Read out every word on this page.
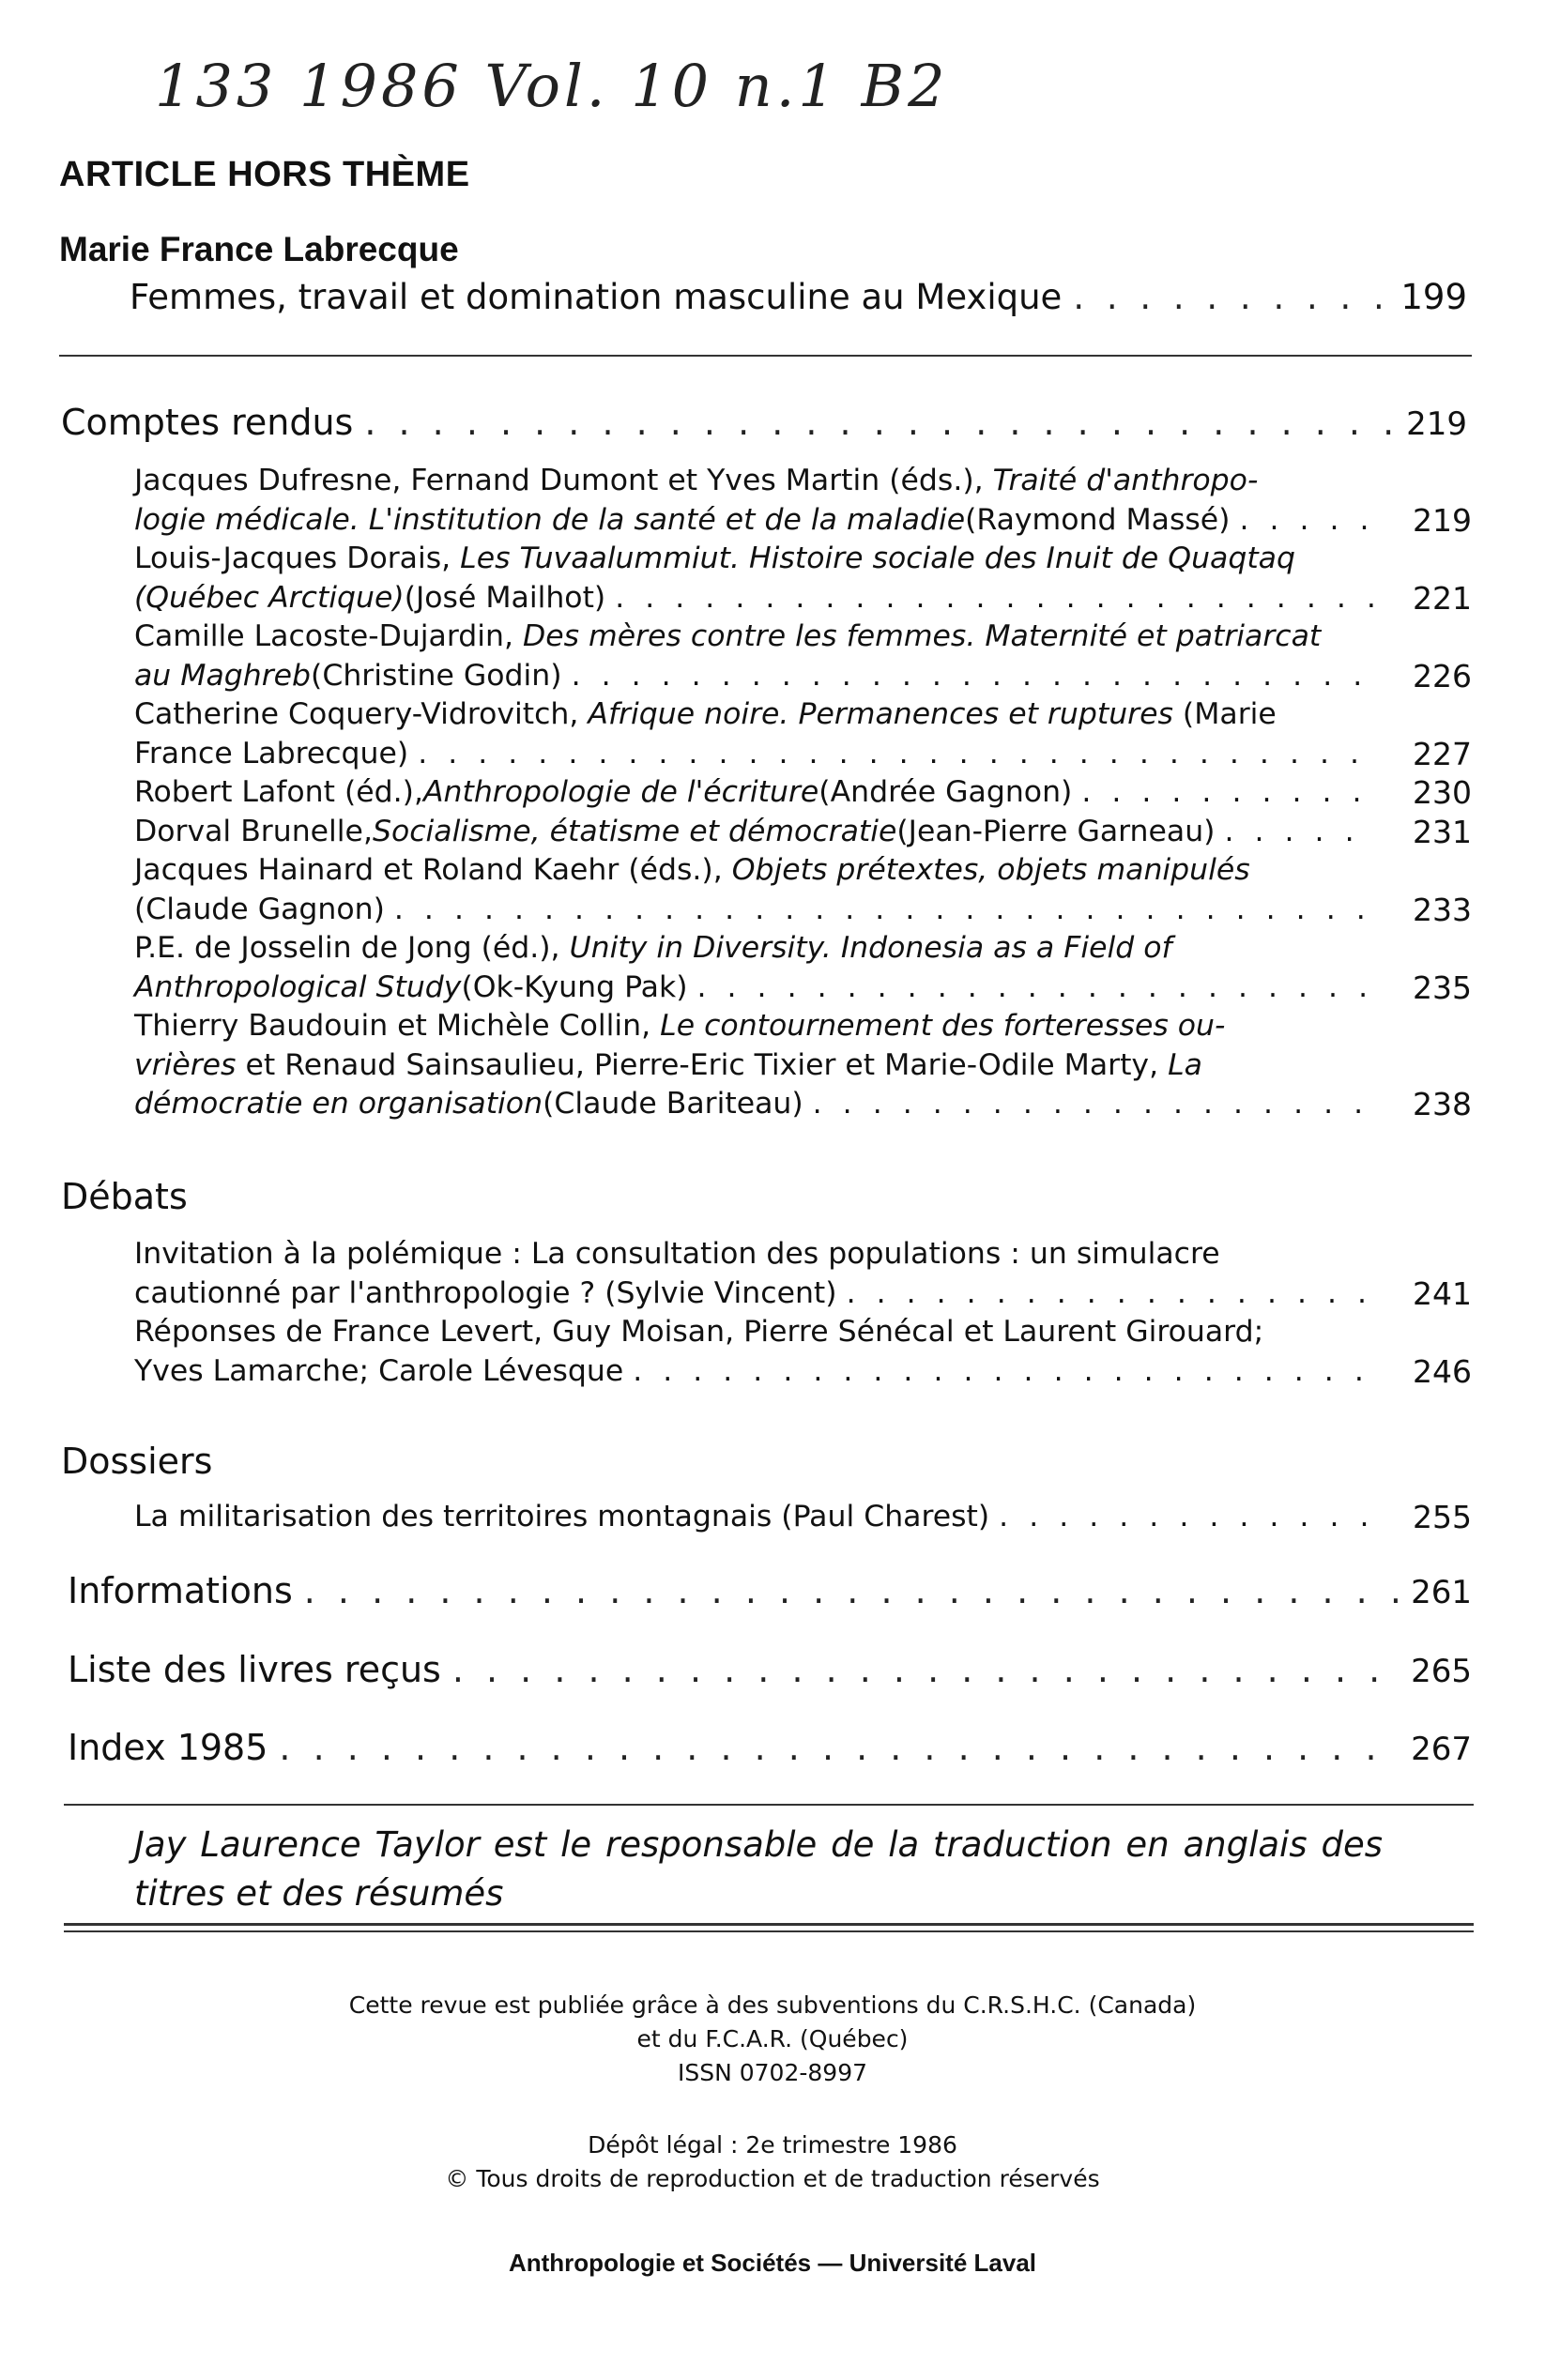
133 1986 Vol. 10 n.1 B2
ARTICLE HORS THÈME
Marie France Labrecque
Femmes, travail et domination masculine au Mexique . . .	199
Comptes rendus . . .	219
Jacques Dufresne, Fernand Dumont et Yves Martin (éds.), Traité d'anthropo-
logie médicale. L'institution de la santé et de la maladie (Raymond Massé) . . .	219
Louis-Jacques Dorais, Les Tuvaalummiut. Histoire sociale des Inuit de Quaqtaq
(Québec Arctique) (José Mailhot) . . .	221
Camille Lacoste-Dujardin, Des mères contre les femmes. Maternité et patriarcat
au Maghreb (Christine Godin) . . .	226
Catherine Coquery-Vidrovitch, Afrique noire. Permanences et ruptures (Marie
France Labrecque) . . .	227
Robert Lafont (éd.), Anthropologie de l'écriture (Andrée Gagnon) . . .	230
Dorval Brunelle, Socialisme, étatisme et démocratie (Jean-Pierre Garneau) . . .	231
Jacques Hainard et Roland Kaehr (éds.), Objets prétextes, objets manipulés
(Claude Gagnon) . . .	233
P.E. de Josselin de Jong (éd.), Unity in Diversity. Indonesia as a Field of
Anthropological Study (Ok-Kyung Pak) . . .	235
Thierry Baudouin et Michèle Collin, Le contournement des forteresses ou-
vrières et Renaud Sainsaulieu, Pierre-Eric Tixier et Marie-Odile Marty, La
démocratie en organisation (Claude Bariteau) . . .	238
Débats
Invitation à la polémique : La consultation des populations : un simulacre
cautionné par l'anthropologie ? (Sylvie Vincent) . . .	241
Réponses de France Levert, Guy Moisan, Pierre Sénécal et Laurent Girouard;
Yves Lamarche; Carole Lévesque . . .	246
Dossiers
La militarisation des territoires montagnais (Paul Charest) . . .	255
Informations . . .	261
Liste des livres reçus . . .	265
Index 1985 . . .	267
Jay Laurence Taylor est le responsable de la traduction en anglais des titres et des résumés
Cette revue est publiée grâce à des subventions du C.R.S.H.C. (Canada)
et du F.C.A.R. (Québec)
ISSN 0702-8997
Dépôt légal : 2e trimestre 1986
© Tous droits de reproduction et de traduction réservés
Anthropologie et Sociétés — Université Laval
